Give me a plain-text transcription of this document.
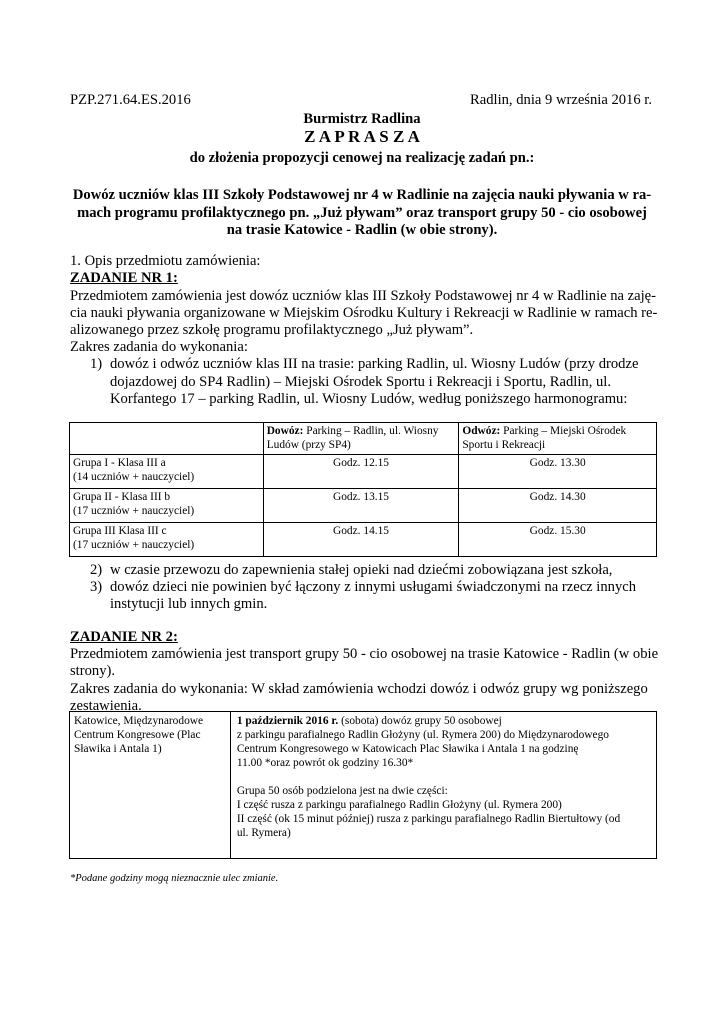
PZP.271.64.ES.2016	Radlin, dnia 9 września 2016 r.
Burmistrz Radlina
Z A P R A S Z A
do złożenia propozycji cenowej na realizację zadań pn.:
Dowóz uczniów klas III Szkoły Podstawowej nr 4 w Radlinie na zajęcia nauki pływania w ra-
mach programu profilaktycznego pn. „Już pływam” oraz transport grupy 50 - cio osobowej
na trasie Katowice - Radlin (w obie strony).
1. Opis przedmiotu zamówienia:
ZADANIE NR 1:
Przedmiotem zamówienia jest dowóz uczniów klas III Szkoły Podstawowej nr 4 w Radlinie na zaję-
cia nauki pływania organizowane w Miejskim Ośrodku Kultury i Rekreacji w Radlinie w ramach re-
alizowanego przez szkołę programu profilaktycznego „Już pływam”.
Zakres zadania do wykonania:
1) dowóz i odwóz uczniów klas III na trasie: parking Radlin, ul. Wiosny Ludów (przy drodze
dojazdowej do SP4 Radlin) – Miejski Ośrodek Sportu i Rekreacji i Sportu, Radlin, ul.
Korfantego 17 – parking Radlin, ul. Wiosny Ludów, według poniższego harmonogramu:
	Dowóz: Parking – Radlin, ul. Wiosny
Ludów (przy SP4)	Odwóz: Parking – Miejski Ośrodek
Sportu i Rekreacji
Grupa I - Klasa III a
(14 uczniów + nauczyciel)	Godz. 12.15	Godz. 13.30
Grupa II - Klasa III b
(17 uczniów + nauczyciel)	Godz. 13.15	Godz. 14.30
Grupa III Klasa III c
(17 uczniów + nauczyciel)	Godz. 14.15	Godz. 15.30
2) w czasie przewozu do zapewnienia stałej opieki nad dziećmi zobowiązana jest szkoła,
3) dowóz dzieci nie powinien być łączony z innymi usługami świadczonymi na rzecz innych
instytucji lub innych gmin.
ZADANIE NR 2:
Przedmiotem zamówienia jest transport grupy 50 - cio osobowej na trasie Katowice - Radlin (w obie
strony).
Zakres zadania do wykonania: W skład zamówienia wchodzi dowóz i odwóz grupy wg poniższego
zestawienia.
Katowice, Międzynarodowe
Centrum Kongresowe (Plac
Sławika i Antala 1)	1 październik 2016 r. (sobota) dowóz grupy 50 osobowej
z parkingu parafialnego Radlin Głożyny (ul. Rymera 200) do Międzynarodowego
Centrum Kongresowego w Katowicach Plac Sławika i Antala 1 na godzinę
11.00 *oraz powrót ok godziny 16.30*

Grupa 50 osób podzielona jest na dwie części:
I część rusza z parkingu parafialnego Radlin Głożyny (ul. Rymera 200)
II część (ok 15 minut później) rusza z parkingu parafialnego Radlin Biertułtowy (od
ul. Rymera)
*Podane godziny mogą nieznacznie ulec zmianie.
